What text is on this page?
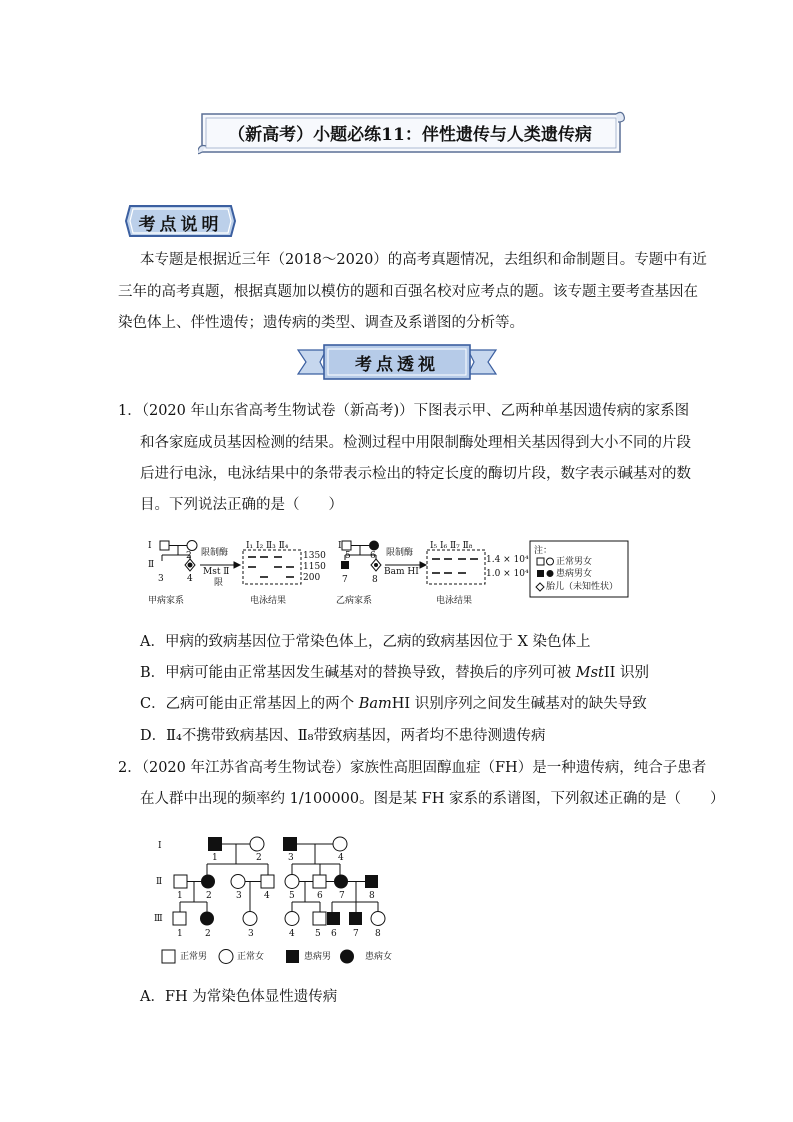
（新高考）小题必练11：伴性遗传与人类遗传病
考点说明
本专题是根据近三年（2018～2020）的高考真题情况，去组织和命制题目。专题中有近
三年的高考真题，根据真题加以模仿的题和百强名校对应考点的题。该专题主要考查基因在
染色体上、伴性遗传；遗传病的类型、调查及系谱图的分析等。
考点透视
1．（2020 年山东省高考生物试卷（新高考)）下图表示甲、乙两种单基因遗传病的家系图
和各家庭成员基因检测的结果。检测过程中用限制酶处理相关基因得到大小不同的片段
后进行电泳，电泳结果中的条带表示检出的特定长度的酶切片段，数字表示碱基对的数
目。下列说法正确的是（　　）
Ⅰ
Ⅱ
2
3	4
限制酶
Mst Ⅱ
限
Ⅰ₁ Ⅰ₂ Ⅱ₃ Ⅱ₄
1350
1150
200
Ⅰ
5 6
7	8
限制酶
Bam HⅠ
Ⅰ₅ Ⅰ₆ Ⅱ₇ Ⅱ₈
1.4 × 10⁴
1.0 × 10⁴
甲病家系	电泳结果	乙病家系	电泳结果
注：
正常男女
患病男女
胎儿（未知性状）
A．甲病的致病基因位于常染色体上，乙病的致病基因位于 X 染色体上
B．甲病可能由正常基因发生碱基对的替换导致，替换后的序列可被 MstII 识别
C．乙病可能由正常基因上的两个 BamHI 识别序列之间发生碱基对的缺失导致
D．Ⅱ₄不携带致病基因、Ⅱ₈带致病基因，两者均不患待测遗传病
2．（2020 年江苏省高考生物试卷）家族性高胆固醇血症（FH）是一种遗传病，纯合子患者
在人群中出现的频率约 1/100000。图是某 FH 家系的系谱图，下列叙述正确的是（　　）
Ⅰ
Ⅱ
Ⅲ
1	2	3	4
1	2	3 4 5 6 7	8
1 2	3	4 5 6 7 8
正常男	正常女	患病男	患病女
A．FH 为常染色体显性遗传病
